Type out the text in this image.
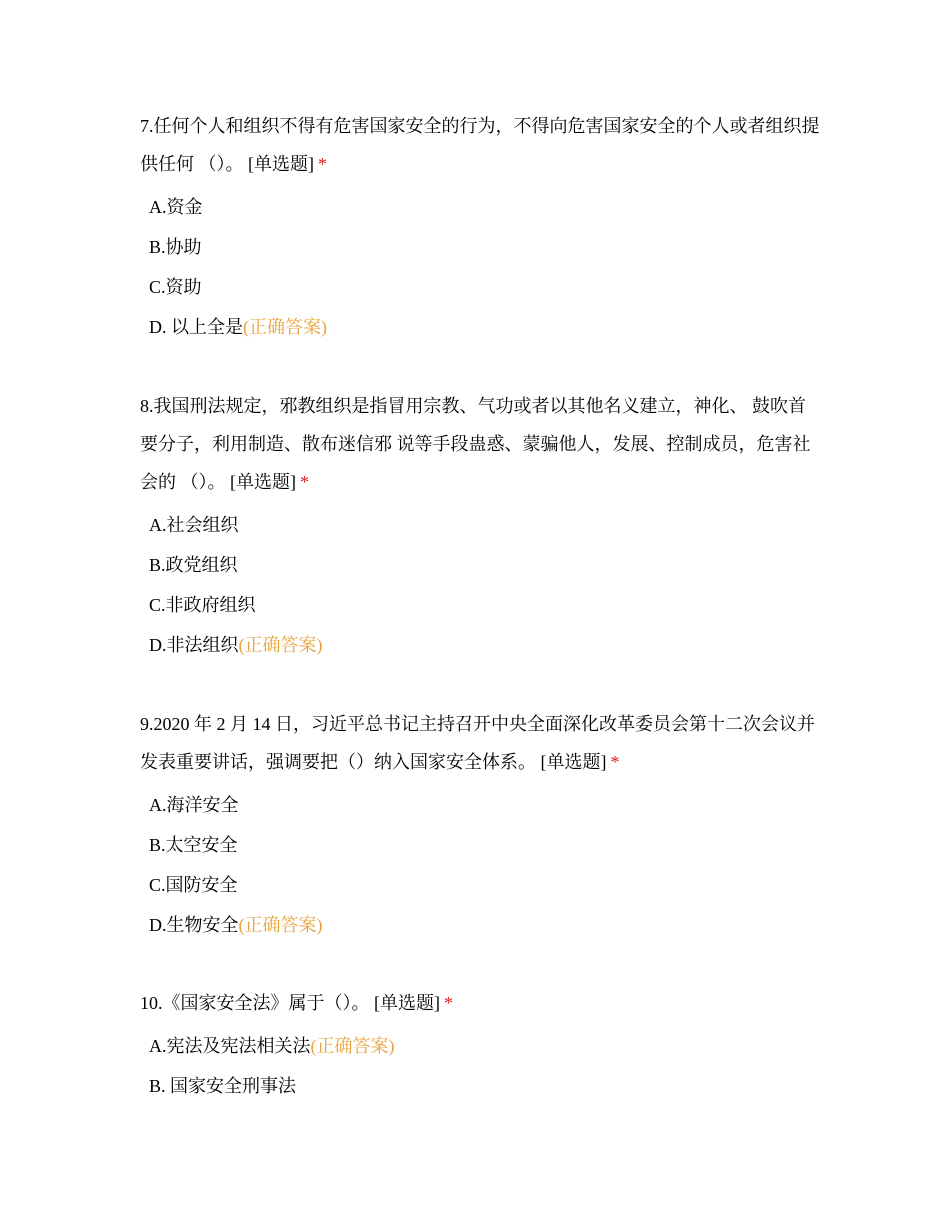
7.任何个人和组织不得有危害国家安全的行为，不得向危害国家安全的个人或者组织提供任何 （）。 [单选题] *

A.资金
B.协助
C.资助
D. 以上全是(正确答案)

8.我国刑法规定，邪教组织是指冒用宗教、气功或者以其他名义建立，神化、 鼓吹首要分子，利用制造、散布迷信邪 说等手段蛊惑、蒙骗他人，发展、控制成员，危害社会的 （）。 [单选题] *

A.社会组织
B.政党组织
C.非政府组织
D.非法组织(正确答案)

9.2020 年 2 月 14 日，习近平总书记主持召开中央全面深化改革委员会第十二次会议并发表重要讲话，强调要把（）纳入国家安全体系。 [单选题] *

A.海洋安全
B.太空安全
C.国防安全
D.生物安全(正确答案)

10.《国家安全法》属于（）。 [单选题] *

A.宪法及宪法相关法(正确答案)
B. 国家安全刑事法
